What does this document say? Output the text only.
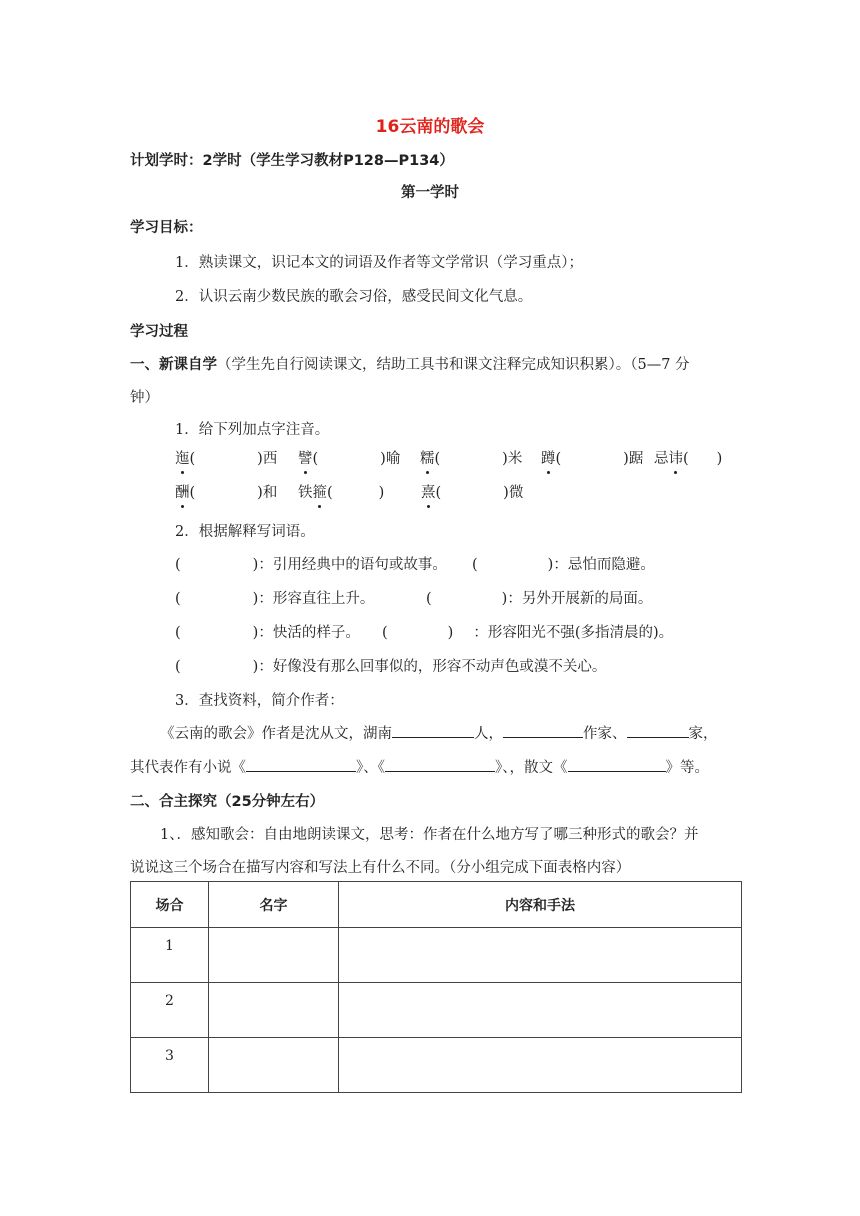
16云南的歌会
计划学时：2学时（学生学习教材P128—P134）
第一学时
学习目标：
1．熟读课文，识记本文的词语及作者等文学常识（学习重点）；
2．认识云南少数民族的歌会习俗，感受民间文化气息。
学习过程
一、新课自学（学生先自行阅读课文，结助工具书和课文注释完成知识积累）。（5—7 分
钟）
1．给下列加点字注音。
迤(	)西 譬(	)喻 糯(	)米 蹲(	)踞 忌讳( )
酬(	)和 铁箍(	)	熹(	)微
2．根据解释写词语。
(	)：引用经典中的语句或故事。 (	)：忌怕而隐避。
(	)：形容直往上升。	(	)：另外开展新的局面。
(	)：快活的样子。 (	) ：形容阳光不强(多指清晨的)。
(	)：好像没有那么回事似的，形容不动声色或漠不关心。
3．查找资料，简介作者：
《云南的歌会》作者是沈从文，湖南	人，	作家、	家，
其代表作有小说《	》、《	》、，散文《	》等。
二、合主探究（25分钟左右）
1、．感知歌会：自由地朗读课文，思考：作者在什么地方写了哪三种形式的歌会？并
说说这三个场合在描写内容和写法上有什么不同。（分小组完成下面表格内容）
场合	名字	内容和手法
1		
2		
3		
